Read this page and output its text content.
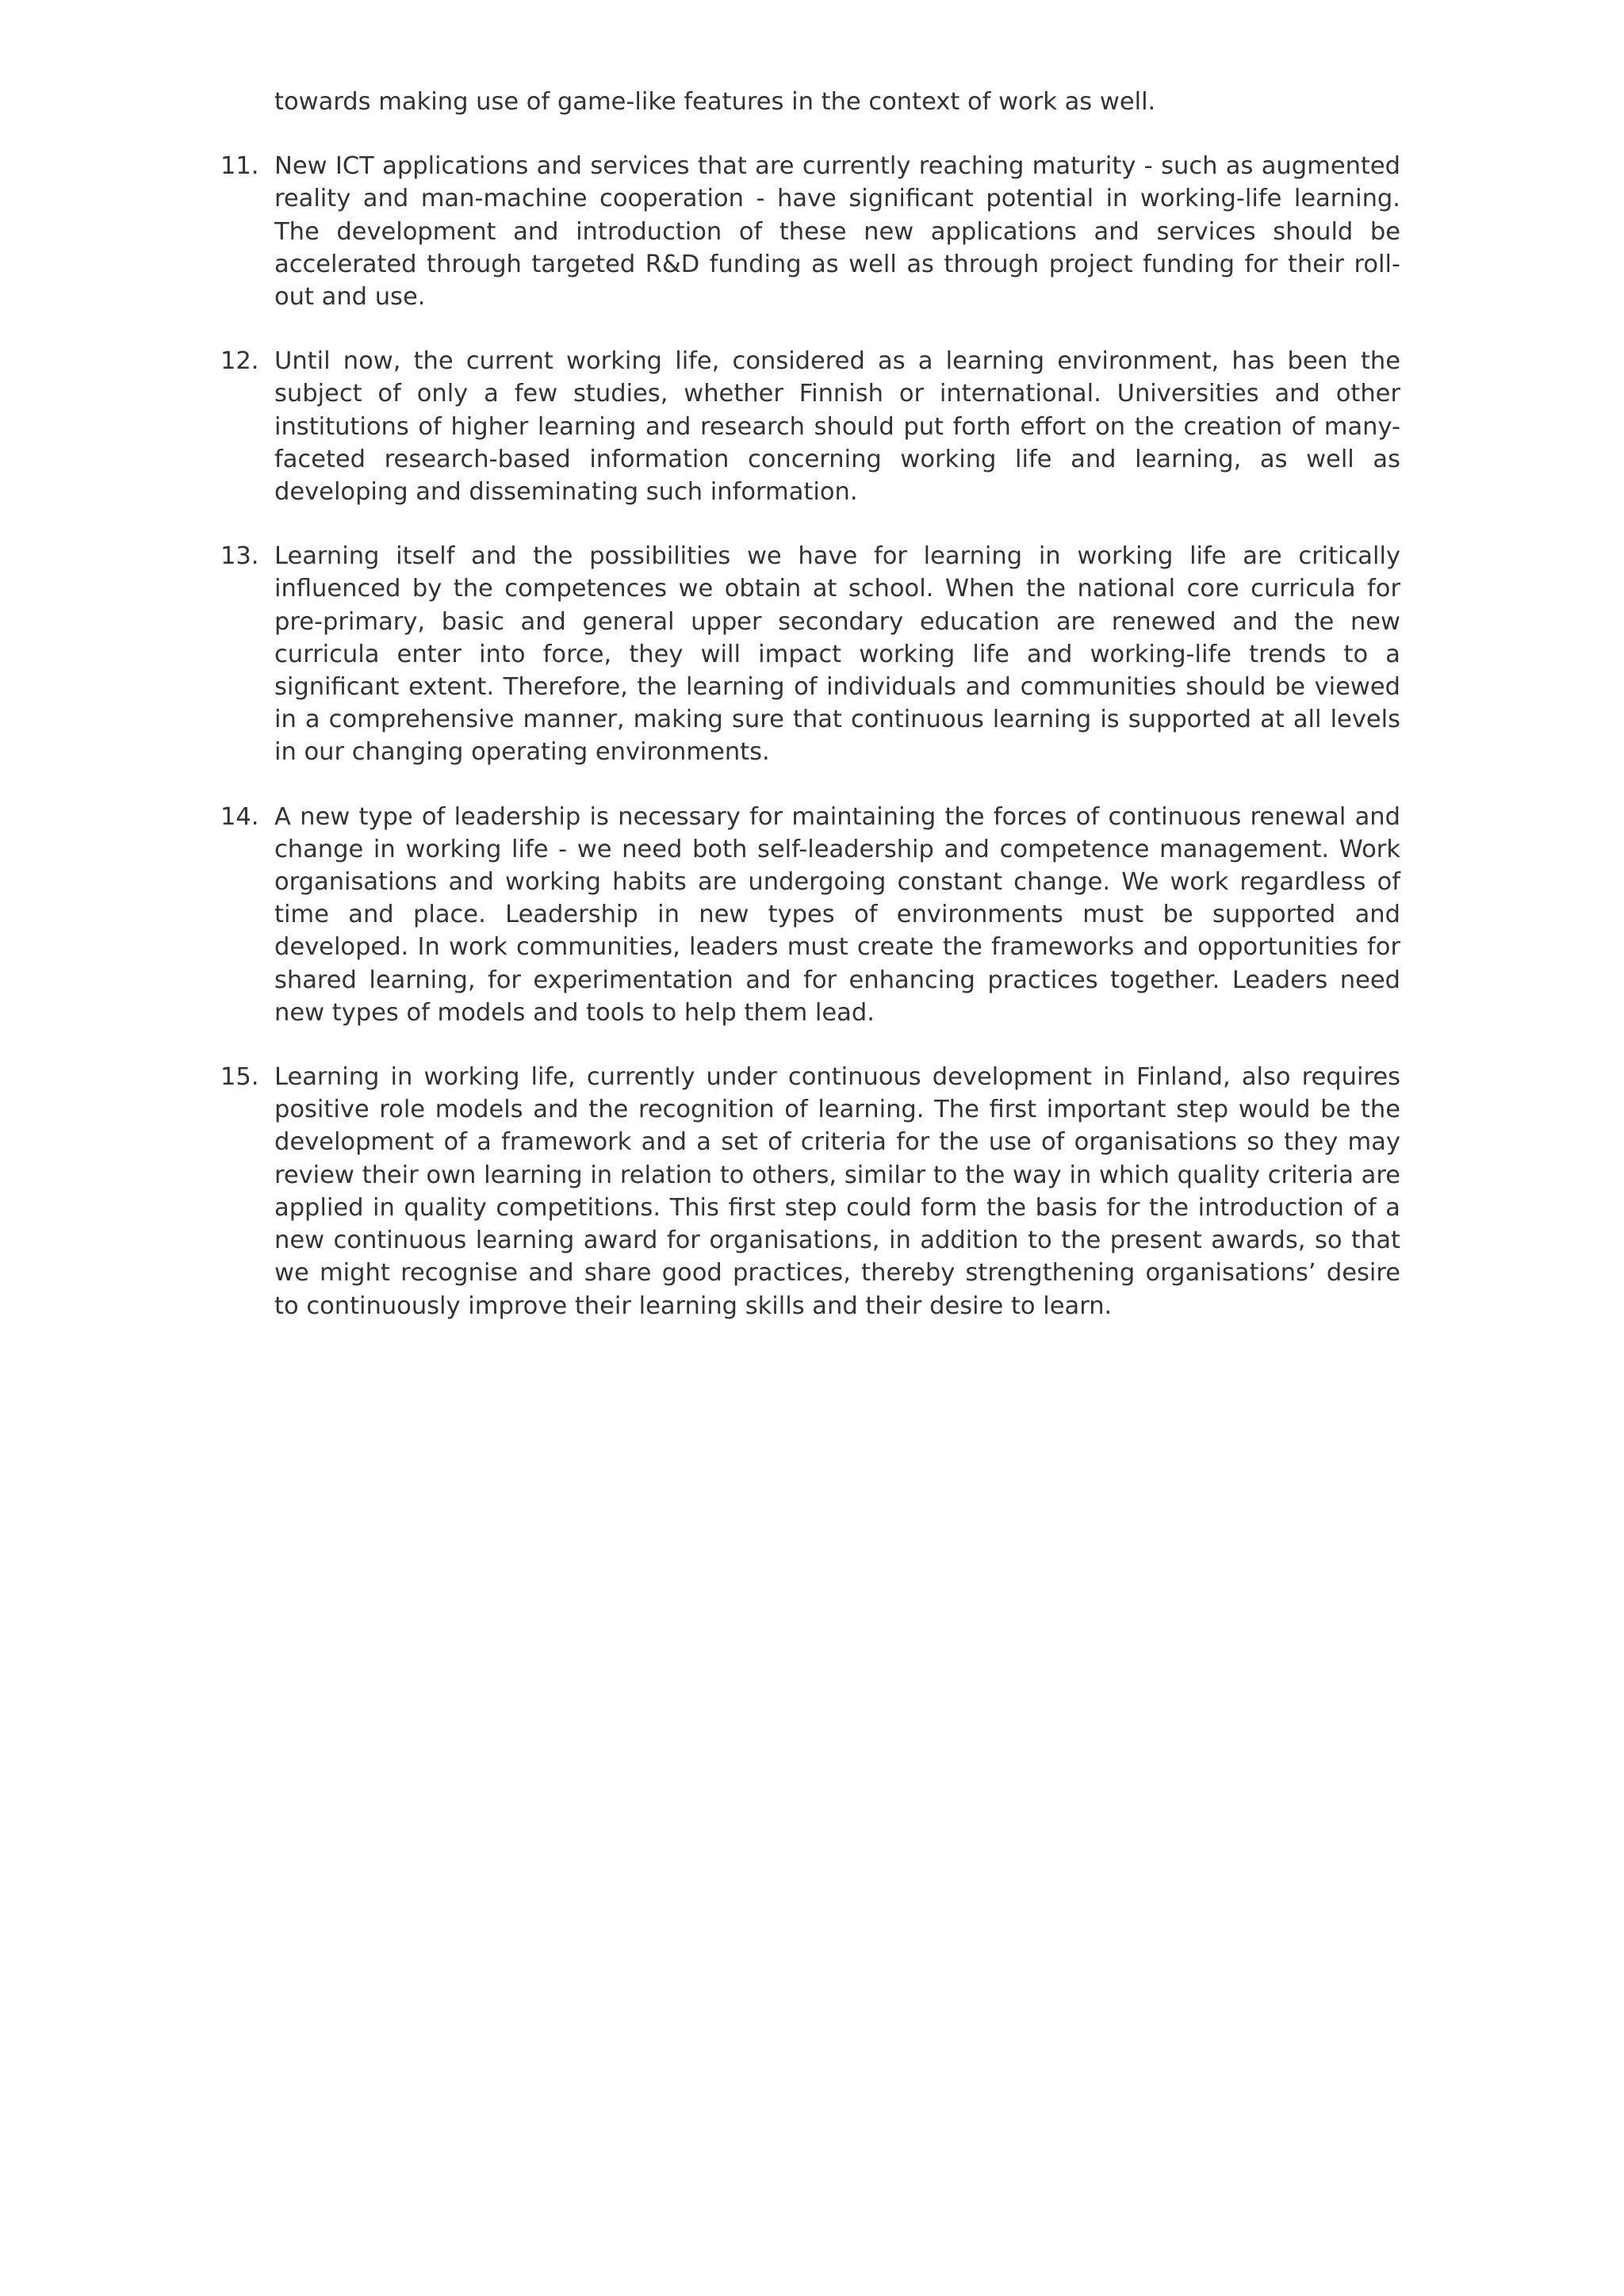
towards making use of game-like features in the context of work as well.

11. New ICT applications and services that are currently reaching maturity - such as augmented reality and man-machine cooperation - have significant potential in working-life learning. The development and introduction of these new applications and services should be accelerated through targeted R&D funding as well as through project funding for their roll-out and use.
12. Until now, the current working life, considered as a learning environment, has been the subject of only a few studies, whether Finnish or international. Universities and other institutions of higher learning and research should put forth effort on the creation of many-faceted research-based information concerning working life and learning, as well as developing and disseminating such information.
13. Learning itself and the possibilities we have for learning in working life are critically influenced by the competences we obtain at school. When the national core curricula for pre-primary, basic and general upper secondary education are renewed and the new curricula enter into force, they will impact working life and working-life trends to a significant extent. Therefore, the learning of individuals and communities should be viewed in a comprehensive manner, making sure that continuous learning is supported at all levels in our changing operating environments.
14. A new type of leadership is necessary for maintaining the forces of continuous renewal and change in working life - we need both self-leadership and competence management. Work organisations and working habits are undergoing constant change. We work regardless of time and place. Leadership in new types of environments must be supported and developed. In work communities, leaders must create the frameworks and opportunities for shared learning, for experimentation and for enhancing practices together. Leaders need new types of models and tools to help them lead.
15. Learning in working life, currently under continuous development in Finland, also requires positive role models and the recognition of learning. The first important step would be the development of a framework and a set of criteria for the use of organisations so they may review their own learning in relation to others, similar to the way in which quality criteria are applied in quality competitions. This first step could form the basis for the introduction of a new continuous learning award for organisations, in addition to the present awards, so that we might recognise and share good practices, thereby strengthening organisations’ desire to continuously improve their learning skills and their desire to learn.
